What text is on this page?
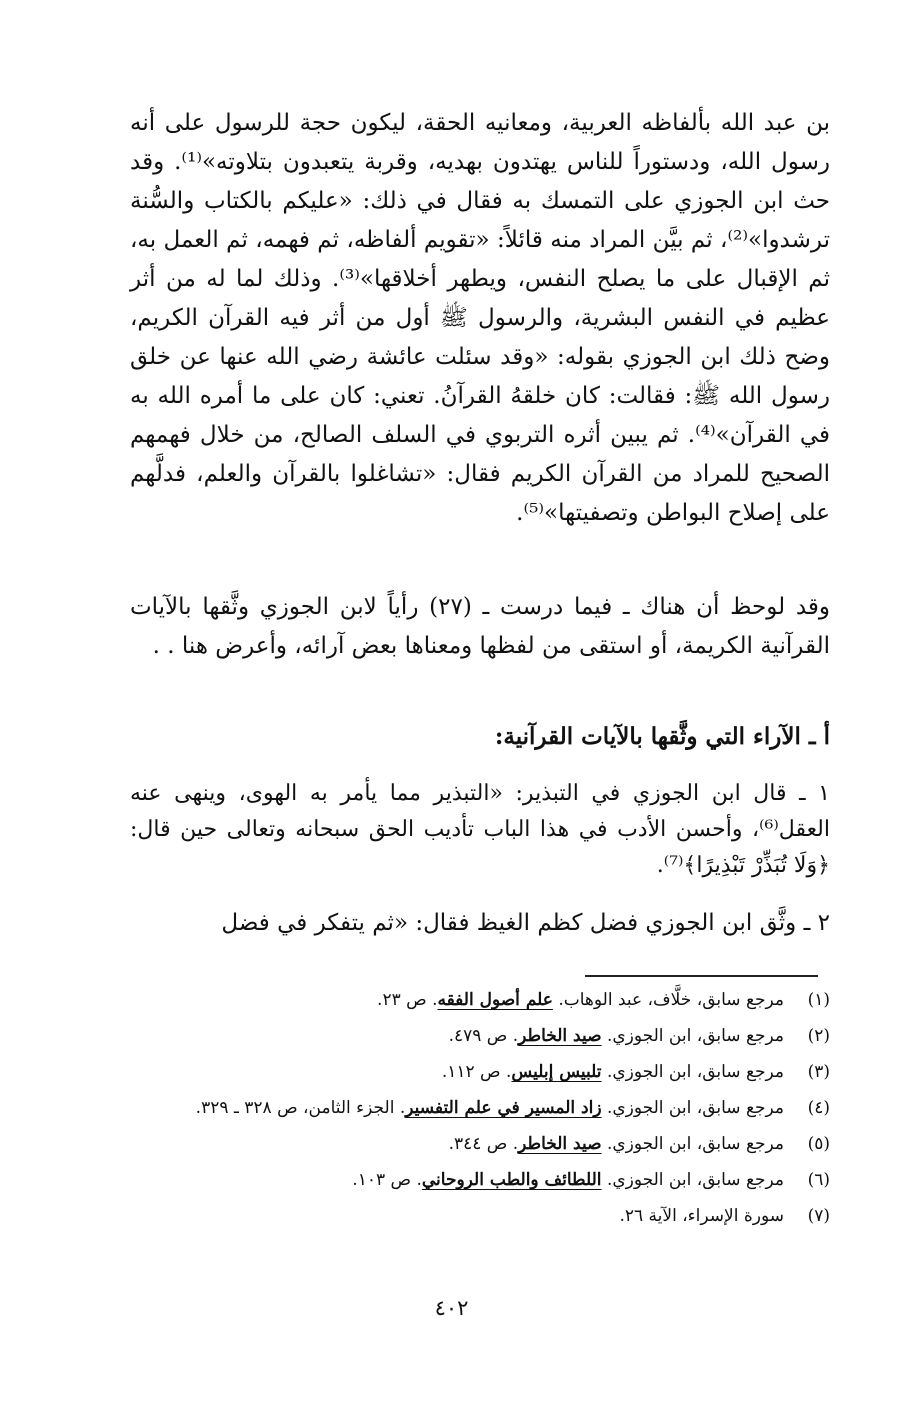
بن عبد الله بألفاظه العربية، ومعانيه الحقة، ليكون حجة للرسول على أنه رسول الله، ودستوراً للناس يهتدون بهديه، وقربة يتعبدون بتلاوته»⁽¹⁾. وقد حث ابن الجوزي على التمسك به فقال في ذلك: «عليكم بالكتاب والسُّنة ترشدوا»⁽²⁾، ثم بيَّن المراد منه قائلاً: «تقويم ألفاظه، ثم فهمه، ثم العمل به، ثم الإقبال على ما يصلح النفس، ويطهر أخلاقها»⁽³⁾. وذلك لما له من أثر عظيم في النفس البشرية، والرسول ﷺ أول من أثر فيه القرآن الكريم، وضح ذلك ابن الجوزي بقوله: «وقد سئلت عائشة رضي الله عنها عن خلق رسول الله ﷺ: فقالت: كان خلقهُ القرآنُ. تعني: كان على ما أمره الله به في القرآن»⁽⁴⁾. ثم يبين أثره التربوي في السلف الصالح، من خلال فهمهم الصحيح للمراد من القرآن الكريم فقال: «تشاغلوا بالقرآن والعلم، فدلَّهم على إصلاح البواطن وتصفيتها»⁽⁵⁾.

وقد لوحظ أن هناك ـ فيما درست ـ (٢٧) رأياً لابن الجوزي وثَّقها بالآيات القرآنية الكريمة، أو استقى من لفظها ومعناها بعض آرائه، وأعرض هنا . .

أ ـ الآراء التي وثَّقها بالآيات القرآنية:

١ ـ قال ابن الجوزي في التبذير: «التبذير مما يأمر به الهوى، وينهى عنه العقل⁽⁶⁾، وأحسن الأدب في هذا الباب تأديب الحق سبحانه وتعالى حين قال: ﴿وَلَا تُبَذِّرْ تَبْذِيرًا﴾⁽⁷⁾.

٢ ـ وثَّق ابن الجوزي فضل كظم الغيظ فقال: «ثم يتفكر في فضل

(١)
مرجع سابق، خلَّاف، عبد الوهاب. علم أصول الفقه. ص ٢٣.
(٢)
مرجع سابق، ابن الجوزي. صيد الخاطر. ص ٤٧٩.
(٣)
مرجع سابق، ابن الجوزي. تلبيس إبليس. ص ١١٢.
(٤)
مرجع سابق، ابن الجوزي. زاد المسير في علم التفسير. الجزء الثامن، ص ٣٢٨ ـ ٣٢٩.
(٥)
مرجع سابق، ابن الجوزي. صيد الخاطر. ص ٣٤٤.
(٦)
مرجع سابق، ابن الجوزي. اللطائف والطب الروحاني. ص ١٠٣.
(٧)
سورة الإسراء، الآية ٢٦.
٤٠٢
